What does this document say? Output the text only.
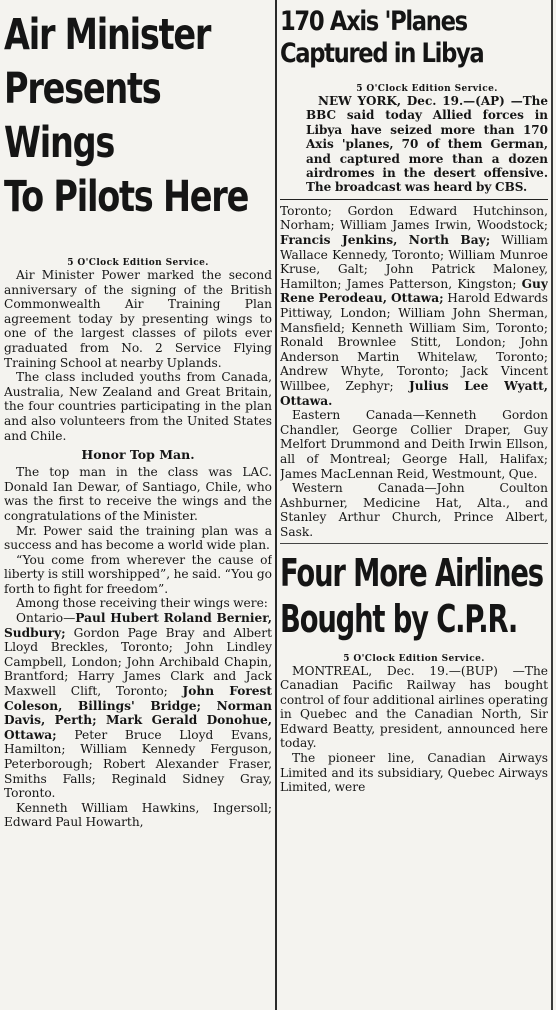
Air Minister
Presents Wings
To Pilots Here

5 O'Clock Edition Service.

Air Minister Power marked the second anniversary of the signing of the British Commonwealth Air Training Plan agreement today by presenting wings to one of the largest classes of pilots ever graduated from No. 2 Service Flying Training School at nearby Uplands.

The class included youths from Canada, Australia, New Zealand and Great Britain, the four countries participating in the plan and also volunteers from the United States and Chile.

Honor Top Man.

The top man in the class was LAC. Donald Ian Dewar, of Santiago, Chile, who was the first to receive the wings and the congratulations of the Minister.

Mr. Power said the training plan was a success and has become a world wide plan.

“You come from wherever the cause of liberty is still worshipped”, he said. “You go forth to fight for freedom”.

Among those receiving their wings were:

Ontario—Paul Hubert Roland Bernier, Sudbury; Gordon Page Bray and Albert Lloyd Breckles, Toronto; John Lindley Campbell, London; John Archibald Chapin, Brantford; Harry James Clark and Jack Maxwell Clift, Toronto; John Forest Coleson, Billings' Bridge; Norman Davis, Perth; Mark Gerald Donohue, Ottawa; Peter Bruce Lloyd Evans, Hamilton; William Kennedy Ferguson, Peterborough; Robert Alexander Fraser, Smiths Falls; Reginald Sidney Gray, Toronto.

Kenneth William Hawkins, Ingersoll; Edward Paul Howarth,

170 Axis 'Planes
Captured in Libya

5 O'Clock Edition Service.

NEW YORK, Dec. 19.—(AP) —The BBC said today Allied forces in Libya have seized more than 170 Axis 'planes, 70 of them German, and captured more than a dozen airdromes in the desert offensive. The broadcast was heard by CBS.

Toronto; Gordon Edward Hutchinson, Norham; William James Irwin, Woodstock; Francis Jenkins, North Bay; William Wallace Kennedy, Toronto; William Munroe Kruse, Galt; John Patrick Maloney, Hamilton; James Patterson, Kingston; Guy Rene Perodeau, Ottawa; Harold Edwards Pittiway, London; William John Sherman, Mansfield; Kenneth William Sim, Toronto; Ronald Brownlee Stitt, London; John Anderson Martin Whitelaw, Toronto; Andrew Whyte, Toronto; Jack Vincent Willbee, Zephyr; Julius Lee Wyatt, Ottawa.

Eastern Canada—Kenneth Gordon Chandler, George Collier Draper, Guy Melfort Drummond and Deith Irwin Ellson, all of Montreal; George Hall, Halifax; James MacLennan Reid, Westmount, Que.

Western Canada—John Coulton Ashburner, Medicine Hat, Alta., and Stanley Arthur Church, Prince Albert, Sask.

Four More Airlines
Bought by C.P.R.

5 O'Clock Edition Service.

MONTREAL, Dec. 19.—(BUP) —The Canadian Pacific Railway has bought control of four additional airlines operating in Quebec and the Canadian North, Sir Edward Beatty, president, announced here today.

The pioneer line, Canadian Airways Limited and its subsidiary, Quebec Airways Limited, were
